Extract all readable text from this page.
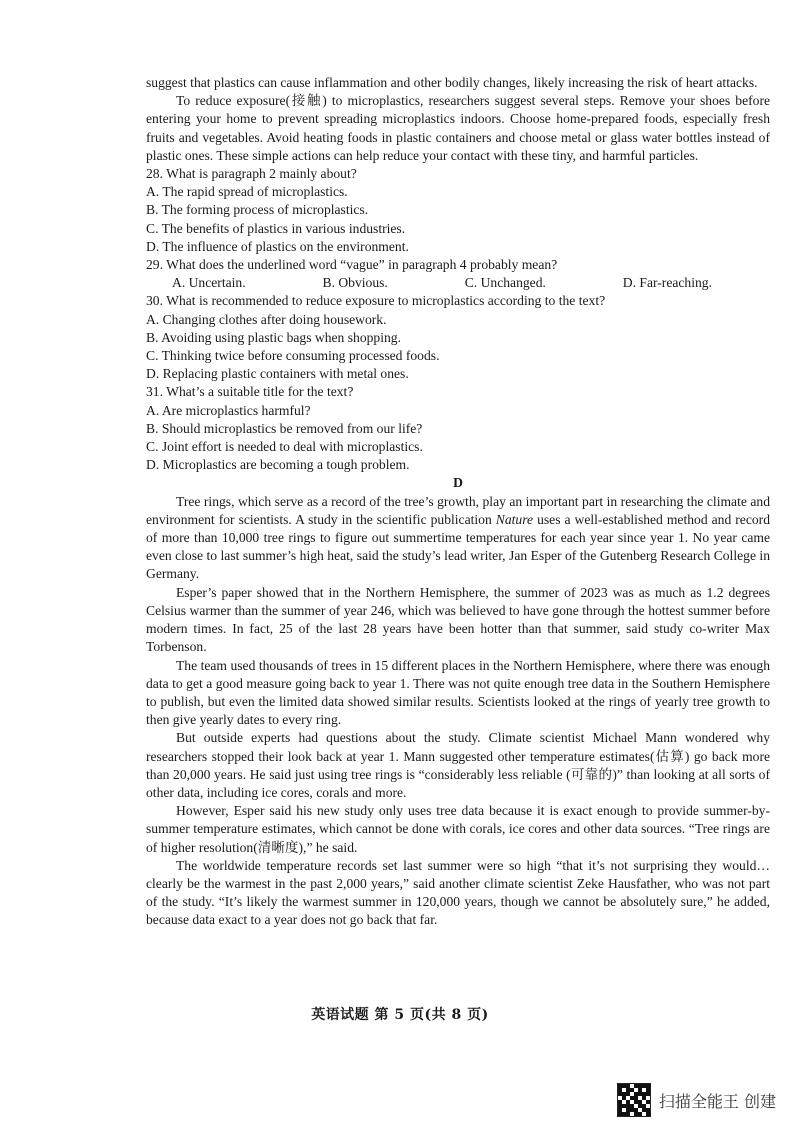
suggest that plastics can cause inflammation and other bodily changes, likely increasing the risk of heart attacks.

To reduce exposure(接触) to microplastics, researchers suggest several steps. Remove your shoes before entering your home to prevent spreading microplastics indoors. Choose home-prepared foods, especially fresh fruits and vegetables. Avoid heating foods in plastic containers and choose metal or glass water bottles instead of plastic ones. These simple actions can help reduce your contact with these tiny, and harmful particles.

28. What is paragraph 2 mainly about?

A. The rapid spread of microplastics.

B. The forming process of microplastics.

C. The benefits of plastics in various industries.

D. The influence of plastics on the environment.

29. What does the underlined word “vague” in paragraph 4 probably mean?

A. Uncertain.	B. Obvious.	C. Unchanged.	D. Far-reaching.

30. What is recommended to reduce exposure to microplastics according to the text?

A. Changing clothes after doing housework.

B. Avoiding using plastic bags when shopping.

C. Thinking twice before consuming processed foods.

D. Replacing plastic containers with metal ones.

31. What’s a suitable title for the text?

A. Are microplastics harmful?

B. Should microplastics be removed from our life?

C. Joint effort is needed to deal with microplastics.

D. Microplastics are becoming a tough problem.

D

Tree rings, which serve as a record of the tree’s growth, play an important part in researching the climate and environment for scientists. A study in the scientific publication Nature uses a well-established method and record of more than 10,000 tree rings to figure out summertime temperatures for each year since year 1. No year came even close to last summer’s high heat, said the study’s lead writer, Jan Esper of the Gutenberg Research College in Germany.

Esper’s paper showed that in the Northern Hemisphere, the summer of 2023 was as much as 1.2 degrees Celsius warmer than the summer of year 246, which was believed to have gone through the hottest summer before modern times. In fact, 25 of the last 28 years have been hotter than that summer, said study co-writer Max Torbenson.

The team used thousands of trees in 15 different places in the Northern Hemisphere, where there was enough data to get a good measure going back to year 1. There was not quite enough tree data in the Southern Hemisphere to publish, but even the limited data showed similar results. Scientists looked at the rings of yearly tree growth to then give yearly dates to every ring.

But outside experts had questions about the study. Climate scientist Michael Mann wondered why researchers stopped their look back at year 1. Mann suggested other temperature estimates(估算) go back more than 20,000 years. He said just using tree rings is “considerably less reliable (可靠的)” than looking at all sorts of other data, including ice cores, corals and more.

However, Esper said his new study only uses tree data because it is exact enough to provide summer-by-summer temperature estimates, which cannot be done with corals, ice cores and other data sources. “Tree rings are of higher resolution(清晰度),” he said.

The worldwide temperature records set last summer were so high “that it’s not surprising they would…clearly be the warmest in the past 2,000 years,” said another climate scientist Zeke Hausfather, who was not part of the study. “It’s likely the warmest summer in 120,000 years, though we cannot be absolutely sure,” he added, because data exact to a year does not go back that far.

英语试题 第 5 页(共 8 页)
扫描全能王 创建
